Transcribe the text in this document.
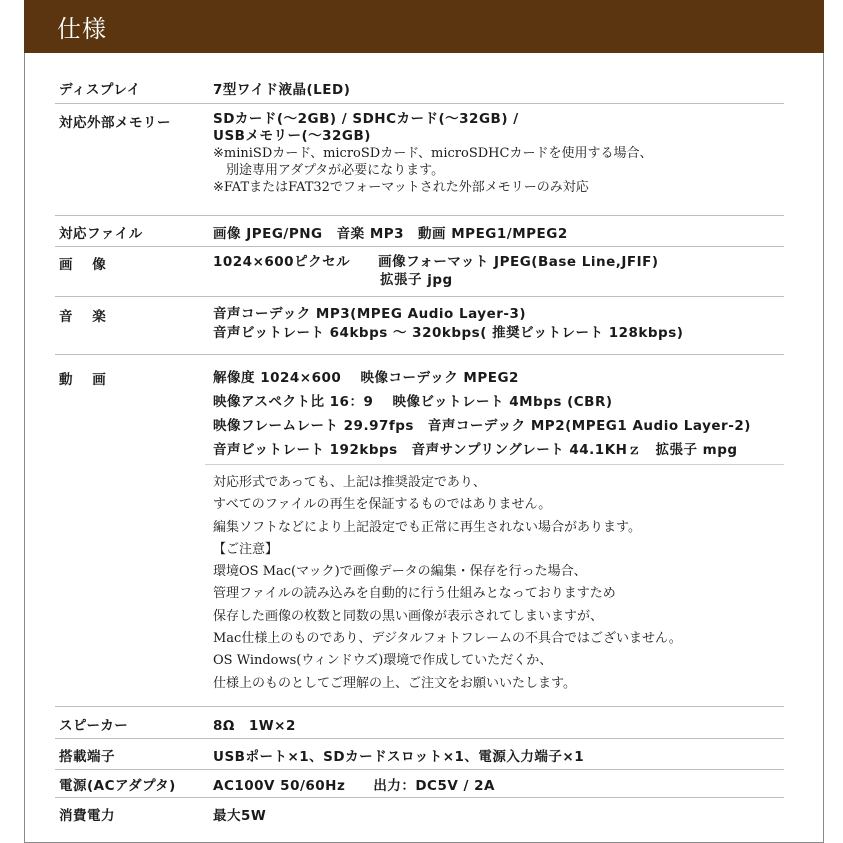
仕様
ディスプレイ	7型ワイド液晶(LED)
対応外部メモリー	SDカード(～2GB) / SDHCカード(～32GB) /
USBメモリー(～32GB)
※miniSDカード、microSDカード、microSDHCカードを使用する場合、
　別途専用アダプタが必要になります。
※FATまたはFAT32でフォーマットされた外部メモリーのみ対応
対応ファイル	画像 JPEG/PNG　音楽 MP3　動画 MPEG1/MPEG2
画　 像	1024×600ピクセル　　画像フォーマット JPEG(Base Line,JFIF)
拡張子 jpg
音　 楽	音声コーデック MP3(MPEG Audio Layer-3)
音声ビットレート 64kbps ～ 320kbps( 推奨ビットレート 128kbps)
動　 画	解像度 1024×600　 映像コーデック MPEG2
映像アスペクト比 16：9　 映像ビットレート 4Mbps (CBR)
映像フレームレート 29.97fps　音声コーデック MP2(MPEG1 Audio Layer-2)
音声ビットレート 192kbps　音声サンプリングレート 44.1KHｚ　拡張子 mpg
対応形式であっても、上記は推奨設定であり、
すべてのファイルの再生を保証するものではありません。
編集ソフトなどにより上記設定でも正常に再生されない場合があります。
【ご注意】
環境OS Mac(マック)で画像データの編集・保存を行った場合、
管理ファイルの読み込みを自動的に行う仕組みとなっておりますため
保存した画像の枚数と同数の黒い画像が表示されてしまいますが、
Mac仕様上のものであり、デジタルフォトフレームの不具合ではございません。
OS Windows(ウィンドウズ)環境で作成していただくか、
仕様上のものとしてご理解の上、ご注文をお願いいたします。
スピーカー	8Ω　1W×2
搭載端子	USBポート×1、SDカードスロット×1、電源入力端子×1
電源(ACアダプタ)	AC100V 50/60Hz　　出力：DC5V / 2A
消費電力	最大5W
